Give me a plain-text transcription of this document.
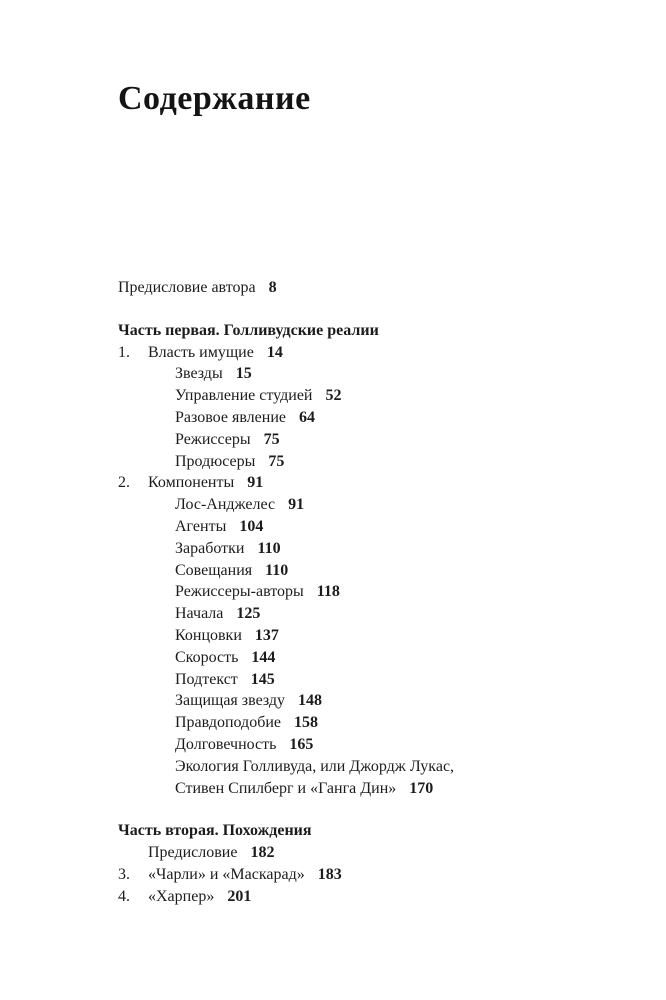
Содержание
Предисловие автора 8
Часть первая. Голливудские реалии
1. Власть имущие 14
Звезды 15
Управление студией 52
Разовое явление 64
Режиссеры 75
Продюсеры 75
2. Компоненты 91
Лос-Анджелес 91
Агенты 104
Заработки 110
Совещания 110
Режиссеры-авторы 118
Начала 125
Концовки 137
Скорость 144
Подтекст 145
Защищая звезду 148
Правдоподобие 158
Долговечность 165
Экология Голливуда, или Джордж Лукас,
Стивен Спилберг и «Ганга Дин» 170
Часть вторая. Похождения
Предисловие 182
3. «Чарли» и «Маскарад» 183
4. «Харпер» 201
